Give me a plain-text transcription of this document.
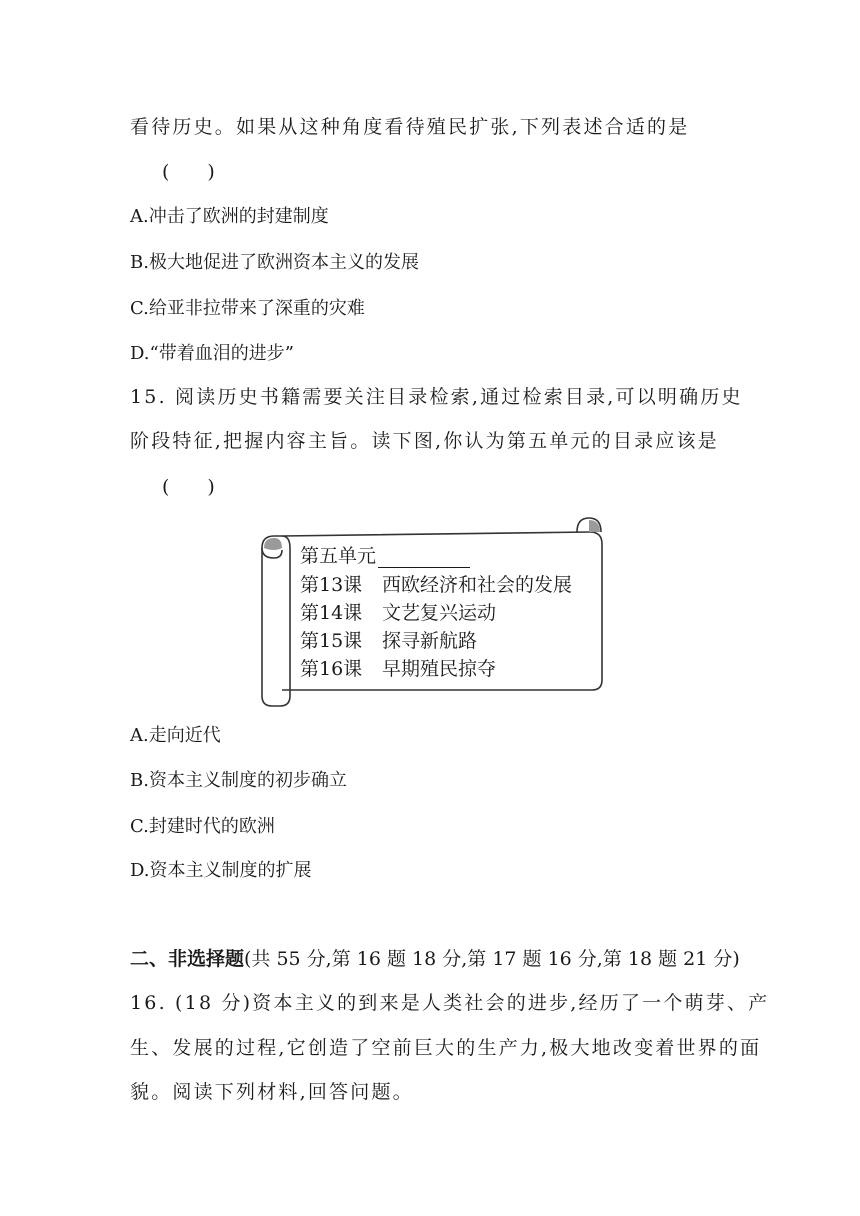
看待历史。如果从这种角度看待殖民扩张,下列表述合适的是
( )
A.冲击了欧洲的封建制度
B.极大地促进了欧洲资本主义的发展
C.给亚非拉带来了深重的灾难
D.“带着血泪的进步”
15. 阅读历史书籍需要关注目录检索,通过检索目录,可以明确历史
阶段特征,把握内容主旨。读下图,你认为第五单元的目录应该是
( )
第五单元
第13课 西欧经济和社会的发展
第14课 文艺复兴运动
第15课 探寻新航路
第16课 早期殖民掠夺
A.走向近代
B.资本主义制度的初步确立
C.封建时代的欧洲
D.资本主义制度的扩展
二、非选择题(共 55 分,第 16 题 18 分,第 17 题 16 分,第 18 题 21 分)
16. (18 分)资本主义的到来是人类社会的进步,经历了一个萌芽、产
生、发展的过程,它创造了空前巨大的生产力,极大地改变着世界的面
貌。阅读下列材料,回答问题。
